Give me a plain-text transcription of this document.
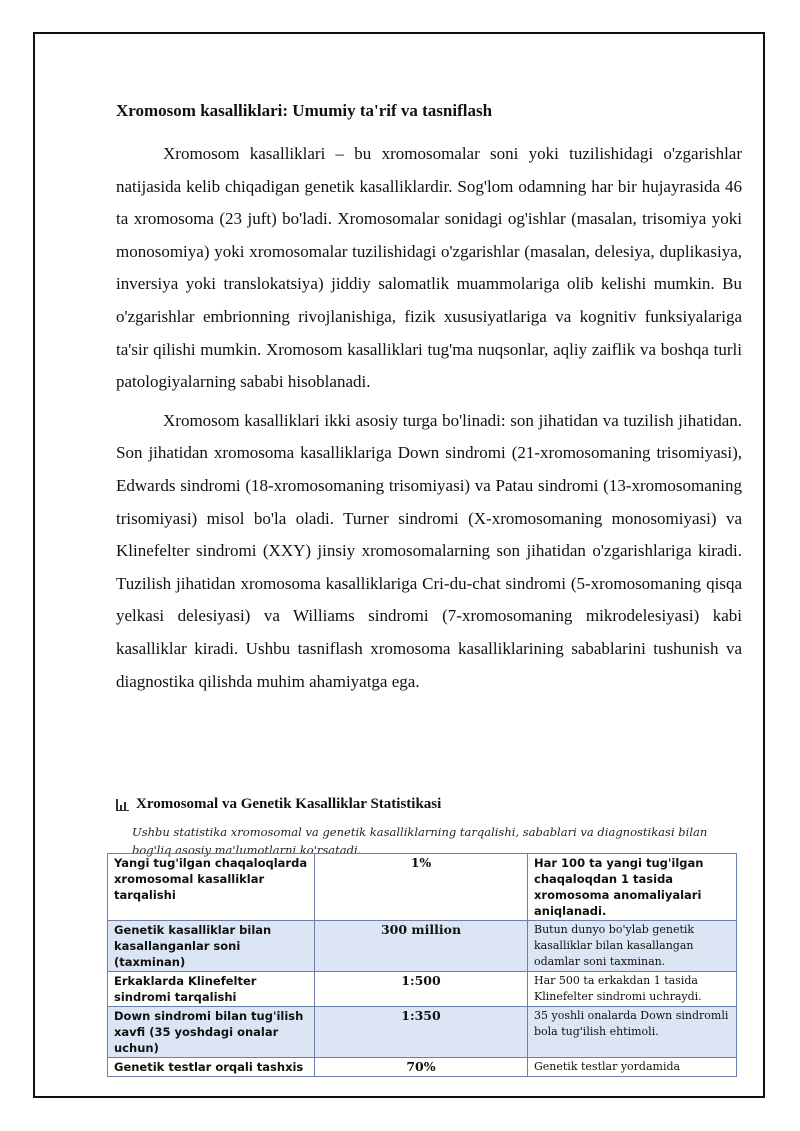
Xromosom kasalliklari: Umumiy ta'rif va tasniflash

Xromosom kasalliklari – bu xromosomalar soni yoki tuzilishidagi o'zgarishlar natijasida kelib chiqadigan genetik kasalliklardir. Sog'lom odamning har bir hujayrasida 46 ta xromosoma (23 juft) bo'ladi. Xromosomalar sonidagi og'ishlar (masalan, trisomiya yoki monosomiya) yoki xromosomalar tuzilishidagi o'zgarishlar (masalan, delesiya, duplikasiya, inversiya yoki translokatsiya) jiddiy salomatlik muammolariga olib kelishi mumkin. Bu o'zgarishlar embrionning rivojlanishiga, fizik xususiyatlariga va kognitiv funksiyalariga ta'sir qilishi mumkin. Xromosom kasalliklari tug'ma nuqsonlar, aqliy zaiflik va boshqa turli patologiyalarning sababi hisoblanadi.

Xromosom kasalliklari ikki asosiy turga bo'linadi: son jihatidan va tuzilish jihatidan. Son jihatidan xromosoma kasalliklariga Down sindromi (21-xromosomaning trisomiyasi), Edwards sindromi (18-xromosomaning trisomiyasi) va Patau sindromi (13-xromosomaning trisomiyasi) misol bo'la oladi. Turner sindromi (X-xromosomaning monosomiyasi) va Klinefelter sindromi (XXY) jinsiy xromosomalarning son jihatidan o'zgarishlariga kiradi. Tuzilish jihatidan xromosoma kasalliklariga Cri-du-chat sindromi (5-xromosomaning qisqa yelkasi delesiyasi) va Williams sindromi (7-xromosomaning mikrodelesiyasi) kabi kasalliklar kiradi. Ushbu tasniflash xromosoma kasalliklarining sabablarini tushunish va diagnostika qilishda muhim ahamiyatga ega.

Xromosomal va Genetik Kasalliklar Statistikasi
Ushbu statistika xromosomal va genetik kasalliklarning tarqalishi, sabablari va diagnostikasi bilan bog'liq asosiy ma'lumotlarni ko'rsatadi.
Yangi tug'ilgan chaqaloqlarda xromosomal kasalliklar tarqalishi	1%	Har 100 ta yangi tug'ilgan chaqaloqdan 1 tasida xromosoma anomaliyalari aniqlanadi.
Genetik kasalliklar bilan kasallanganlar soni (taxminan)	300 million	Butun dunyo bo'ylab genetik kasalliklar bilan kasallangan odamlar soni taxminan.
Erkaklarda Klinefelter sindromi tarqalishi	1:500	Har 500 ta erkakdan 1 tasida Klinefelter sindromi uchraydi.
Down sindromi bilan tug'ilish xavfi (35 yoshdagi onalar uchun)	1:350	35 yoshli onalarda Down sindromli bola tug'ilish ehtimoli.
Genetik testlar orqali tashxis	70%	Genetik testlar yordamida
